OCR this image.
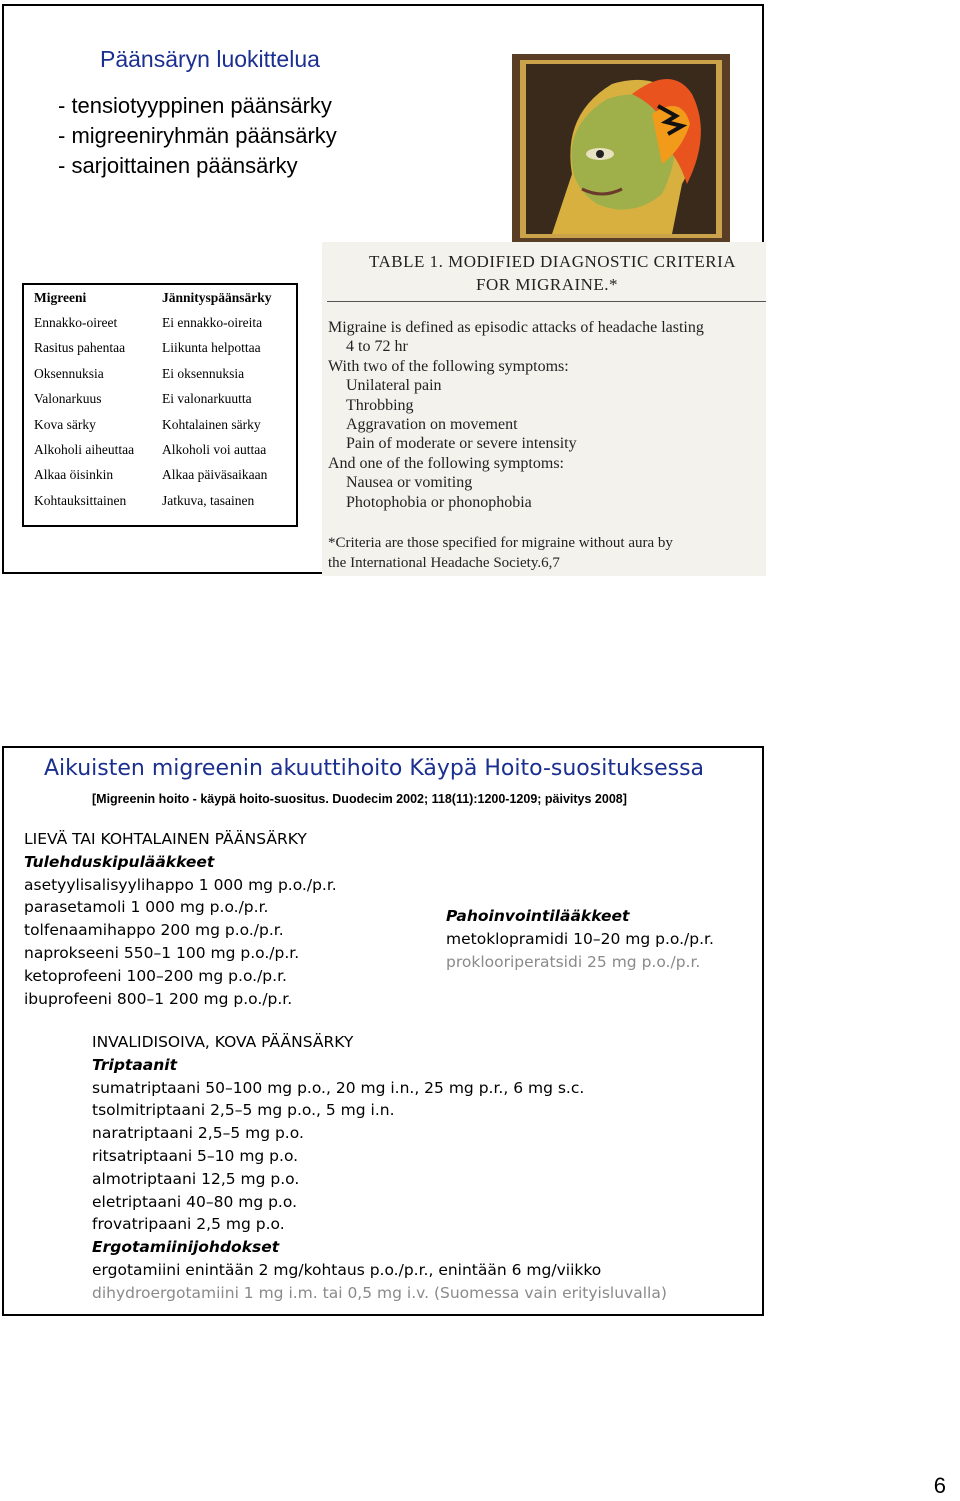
Päänsäryn luokittelua
- tensiotyyppinen päänsärky
- migreeniryhmän päänsärky
- sarjoittainen päänsärky
Migreeni	Jännityspäänsärky
Ennakko-oireet	Ei ennakko-oireita
Rasitus pahentaa	Liikunta helpottaa
Oksennuksia	Ei oksennuksia
Valonarkuus	Ei valonarkuutta
Kova särky	Kohtalainen särky
Alkoholi aiheuttaa	Alkoholi voi auttaa
Alkaa öisinkin	Alkaa päiväsaikaan
Kohtauksittainen	Jatkuva, tasainen
TABLE 1. MODIFIED DIAGNOSTIC CRITERIA
FOR MIGRAINE.*
Migraine is defined as episodic attacks of headache lasting
4 to 72 hr
With two of the following symptoms:
Unilateral pain
Throbbing
Aggravation on movement
Pain of moderate or severe intensity
And one of the following symptoms:
Nausea or vomiting
Photophobia or phonophobia
*Criteria are those specified for migraine without aura by
the International Headache Society.6,7
Aikuisten migreenin akuuttihoito Käypä Hoito-suosituksessa
[Migreenin hoito - käypä hoito-suositus. Duodecim 2002; 118(11):1200-1209; päivitys 2008]
LIEVÄ TAI KOHTALAINEN PÄÄNSÄRKY
Tulehduskipulääkkeet
asetyylisalisyylihappo 1 000 mg p.o./p.r.
parasetamoli 1 000 mg p.o./p.r.
tolfenaamihappo 200 mg p.o./p.r.
naprokseeni 550–1 100 mg p.o./p.r.
ketoprofeeni 100–200 mg p.o./p.r.
ibuprofeeni 800–1 200 mg p.o./p.r.
Pahoinvointilääkkeet
metoklopramidi 10–20 mg p.o./p.r.
proklooriperatsidi 25 mg p.o./p.r.
INVALIDISOIVA, KOVA PÄÄNSÄRKY
Triptaanit
sumatriptaani 50–100 mg p.o., 20 mg i.n., 25 mg p.r., 6 mg s.c.
tsolmitriptaani 2,5–5 mg p.o., 5 mg i.n.
naratriptaani 2,5–5 mg p.o.
ritsatriptaani 5–10 mg p.o.
almotriptaani 12,5 mg p.o.
eletriptaani 40–80 mg p.o.
frovatripaani 2,5 mg p.o.
Ergotamiinijohdokset
ergotamiini enintään 2 mg/kohtaus p.o./p.r., enintään 6 mg/viikko
dihydroergotamiini 1 mg i.m. tai 0,5 mg i.v. (Suomessa vain erityisluvalla)
6
